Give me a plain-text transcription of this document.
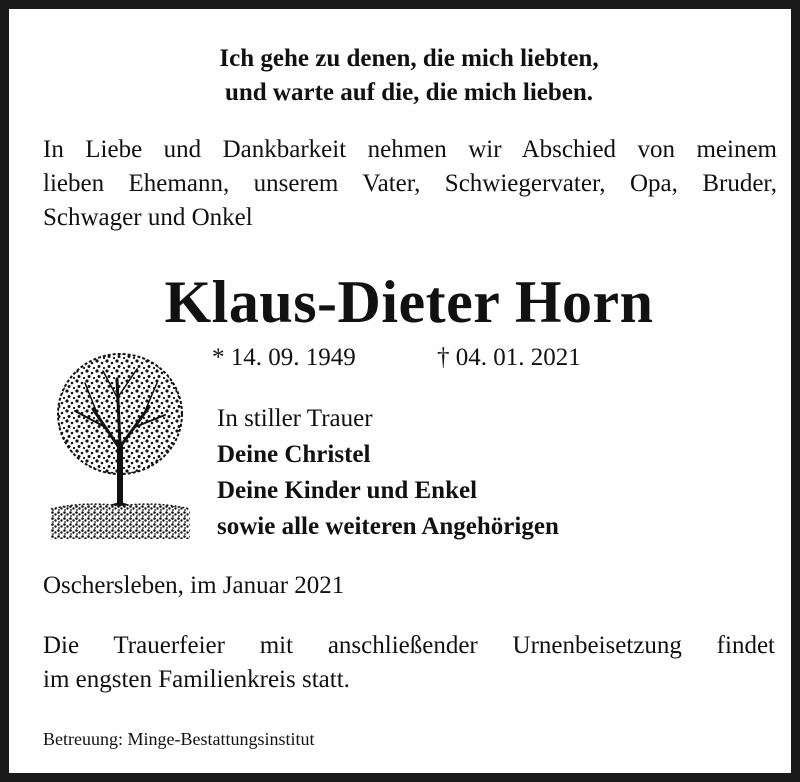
Ich gehe zu denen, die mich liebten,
und warte auf die, die mich lieben.
In Liebe und Dankbarkeit nehmen wir Abschied von meinem
lieben Ehemann, unserem Vater, Schwiegervater, Opa, Bruder,
Schwager und Onkel
Klaus-Dieter Horn
* 14. 09. 1949	† 04. 01. 2021
In stiller Trauer
Deine Christel
Deine Kinder und Enkel
sowie alle weiteren Angehörigen
Oschersleben, im Januar 2021
Die Trauerfeier mit anschließender Urnenbeisetzung findet
im engsten Familienkreis statt.
Betreuung: Minge-Bestattungsinstitut
